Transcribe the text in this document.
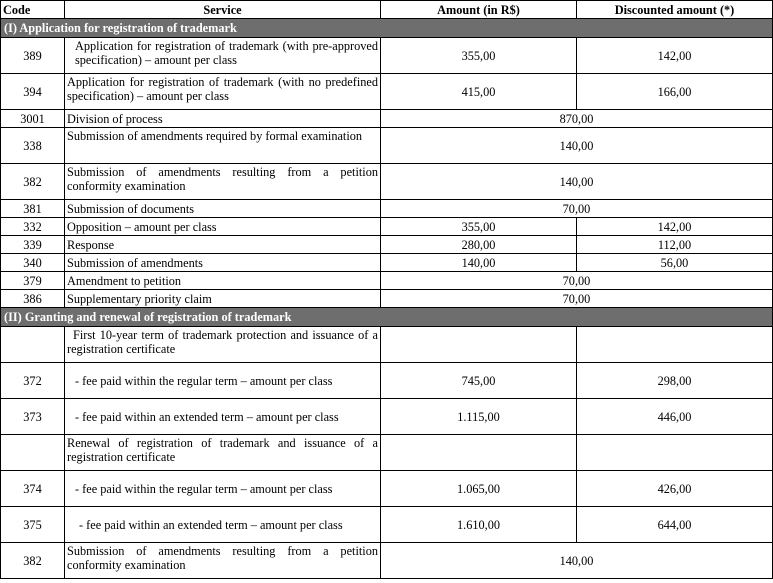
Code	Service	Amount (in R$)	Discounted amount (*)
(I) Application for registration of trademark			
389	Application for registration of trademark (with pre-approved specification) – amount per class	355,00	142,00
394	Application for registration of trademark (with no predefined specification) – amount per class	415,00	166,00
3001	Division of process	870,00	
338	Submission of amendments required by formal examination	140,00	
382	Submission of amendments resulting from a petition conformity examination	140,00	
381	Submission of documents	70,00	
332	Opposition – amount per class	355,00	142,00
339	Response	280,00	112,00
340	Submission of amendments	140,00	56,00
379	Amendment to petition	70,00	
386	Supplementary priority claim	70,00	
(II) Granting and renewal of registration of trademark			

	First 10-year term of trademark protection and issuance of a registration certificate		

372	- fee paid within the regular term – amount per class	745,00	298,00
373	- fee paid within an extended term – amount per class	1.115,00	446,00
	Renewal of registration of trademark and issuance of a registration certificate		
374	- fee paid within the regular term – amount per class	1.065,00	426,00
375	- fee paid within an extended term – amount per class	1.610,00	644,00
382	Submission of amendments resulting from a petition conformity examination	140,00	
